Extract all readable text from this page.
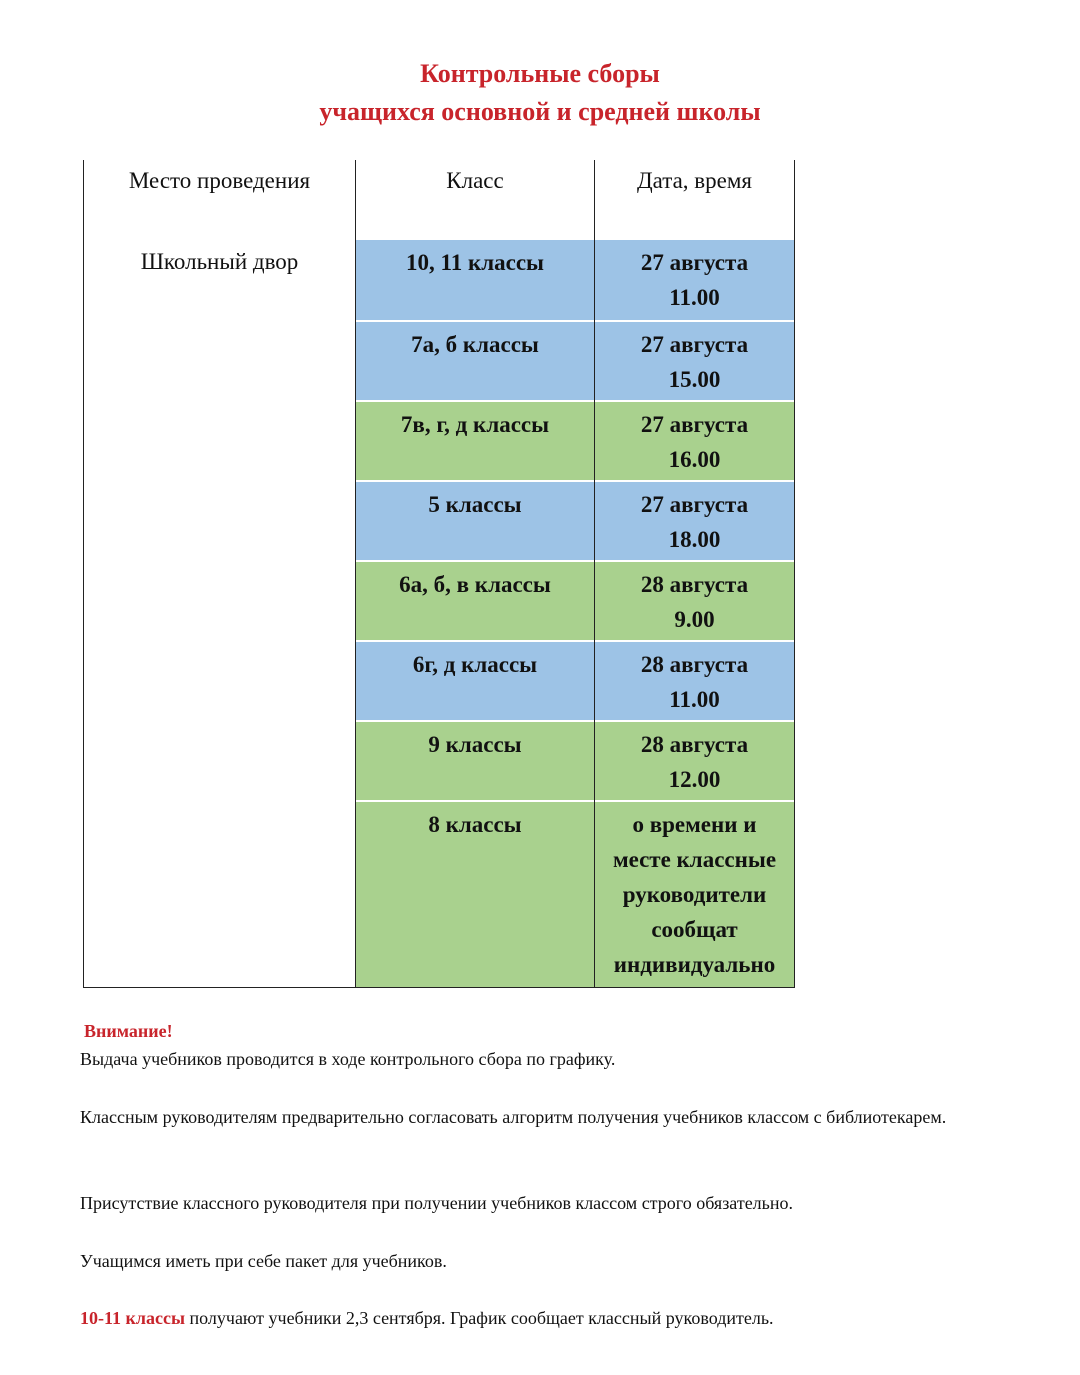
Контрольные сборы
учащихся основной и средней школы
Место проведения	Класс	Дата, время
Школьный двор	10, 11 классы	27 августа
11.00
7а, б классы	27 августа
15.00
7в, г, д классы	27 августа
16.00
5 классы	27 августа
18.00
6а, б, в классы	28 августа
9.00
6г, д классы	28 августа
11.00
9 классы	28 августа
12.00
8 классы	о времени и
месте классные
руководители
сообщат
индивидуально
Внимание!
Выдача учебников проводится в ходе контрольного сбора по графику.
Классным руководителям предварительно согласовать алгоритм получения учебников классом с библиотекарем.
Присутствие классного руководителя при получении учебников классом строго обязательно.
Учащимся иметь при себе пакет для учебников.
10-11 классы получают учебники 2,3 сентября. График сообщает классный руководитель.
